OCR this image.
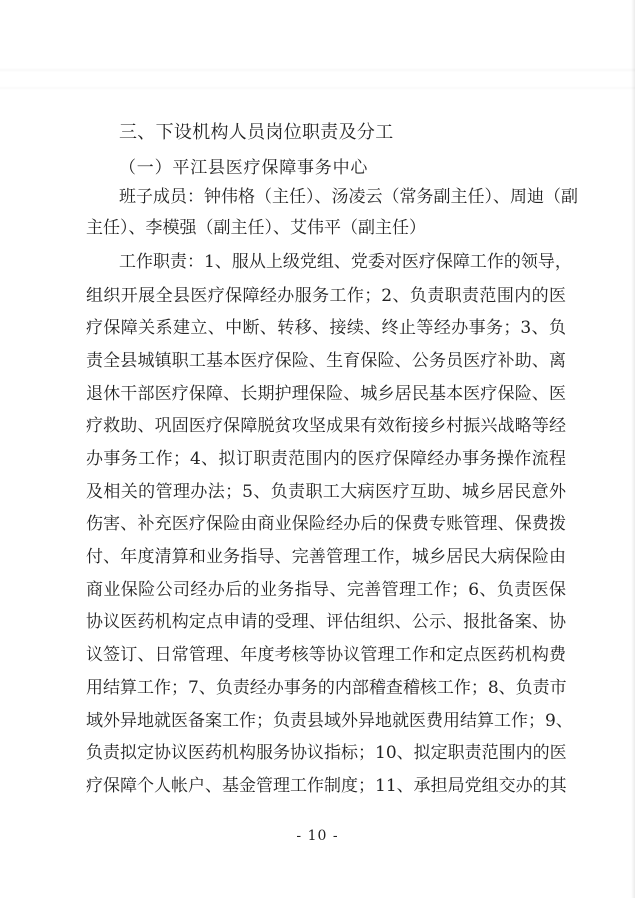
三、下设机构人员岗位职责及分工
（一）平江县医疗保障事务中心
班子成员：钟伟格（主任）、汤凌云（常务副主任）、周迪（副
主任）、李模强（副主任）、艾伟平（副主任）
工作职责：1、服从上级党组、党委对医疗保障工作的领导，
组织开展全县医疗保障经办服务工作；2、负责职责范围内的医
疗保障关系建立、中断、转移、接续、终止等经办事务；3、负
责全县城镇职工基本医疗保险、生育保险、公务员医疗补助、离
退休干部医疗保障、长期护理保险、城乡居民基本医疗保险、医
疗救助、巩固医疗保障脱贫攻坚成果有效衔接乡村振兴战略等经
办事务工作；4、拟订职责范围内的医疗保障经办事务操作流程
及相关的管理办法；5、负责职工大病医疗互助、城乡居民意外
伤害、补充医疗保险由商业保险经办后的保费专账管理、保费拨
付、年度清算和业务指导、完善管理工作，城乡居民大病保险由
商业保险公司经办后的业务指导、完善管理工作；6、负责医保
协议医药机构定点申请的受理、评估组织、公示、报批备案、协
议签订、日常管理、年度考核等协议管理工作和定点医药机构费
用结算工作；7、负责经办事务的内部稽查稽核工作；8、负责市
域外异地就医备案工作；负责县域外异地就医费用结算工作；9、
负责拟定协议医药机构服务协议指标；10、拟定职责范围内的医
疗保障个人帐户、基金管理工作制度；11、承担局党组交办的其
- 10 -
